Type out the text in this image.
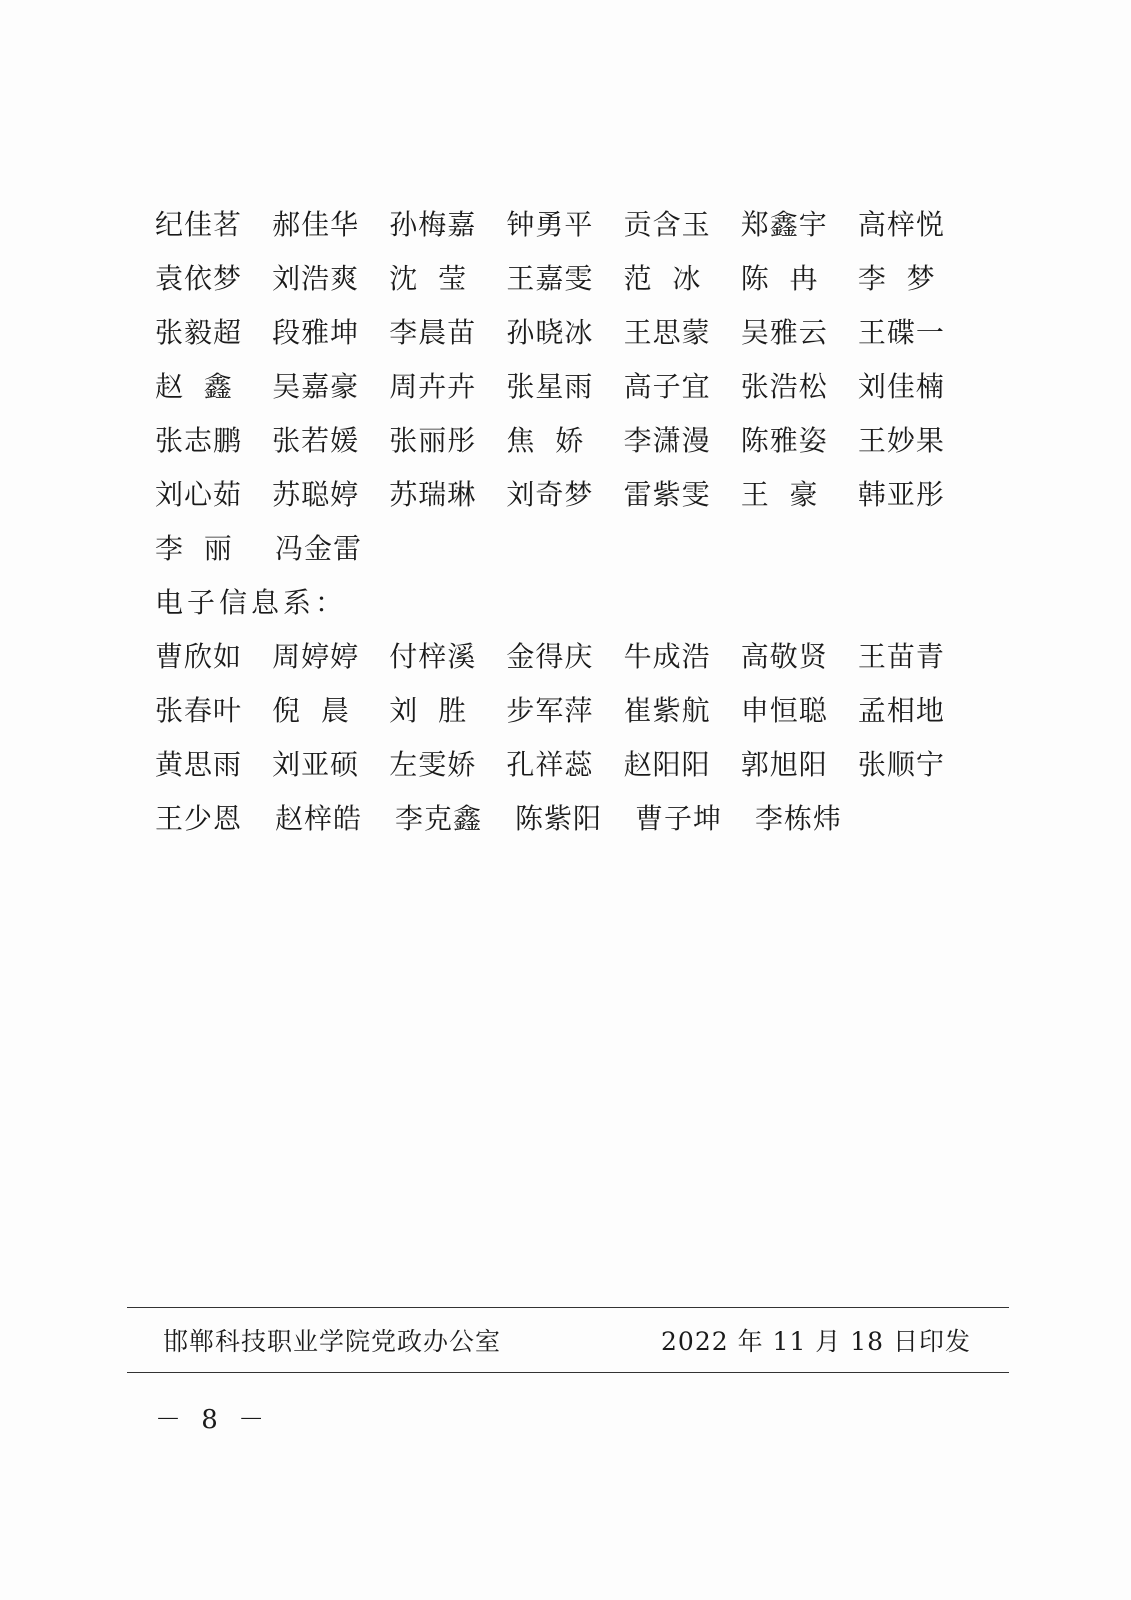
纪佳茗	郝佳华	孙梅嘉	钟勇平	贡含玉	郑鑫宇	高梓悦
袁依梦	刘浩爽	沈  莹	王嘉雯	范  冰	陈  冉	李  梦
张毅超	段雅坤	李晨苗	孙晓冰	王思蒙	吴雅云	王碟一
赵  鑫	吴嘉豪	周卉卉	张星雨	高子宜	张浩松	刘佳楠
张志鹏	张若媛	张丽彤	焦  娇	李潇漫	陈雅姿	王妙果
刘心茹	苏聪婷	苏瑞琳	刘奇梦	雷紫雯	王  豪	韩亚彤
李  丽	冯金雷
电子信息系：
曹欣如	周婷婷	付梓溪	金得庆	牛成浩	高敬贤	王苗青
张春叶	倪  晨	刘  胜	步军萍	崔紫航	申恒聪	孟相地
黄思雨	刘亚硕	左雯娇	孔祥蕊	赵阳阳	郭旭阳	张顺宁
王少恩	赵梓皓	李克鑫	陈紫阳	曹子坤	李栋炜
邯郸科技职业学院党政办公室	2022 年 11 月 18 日印发
－ 8 －
